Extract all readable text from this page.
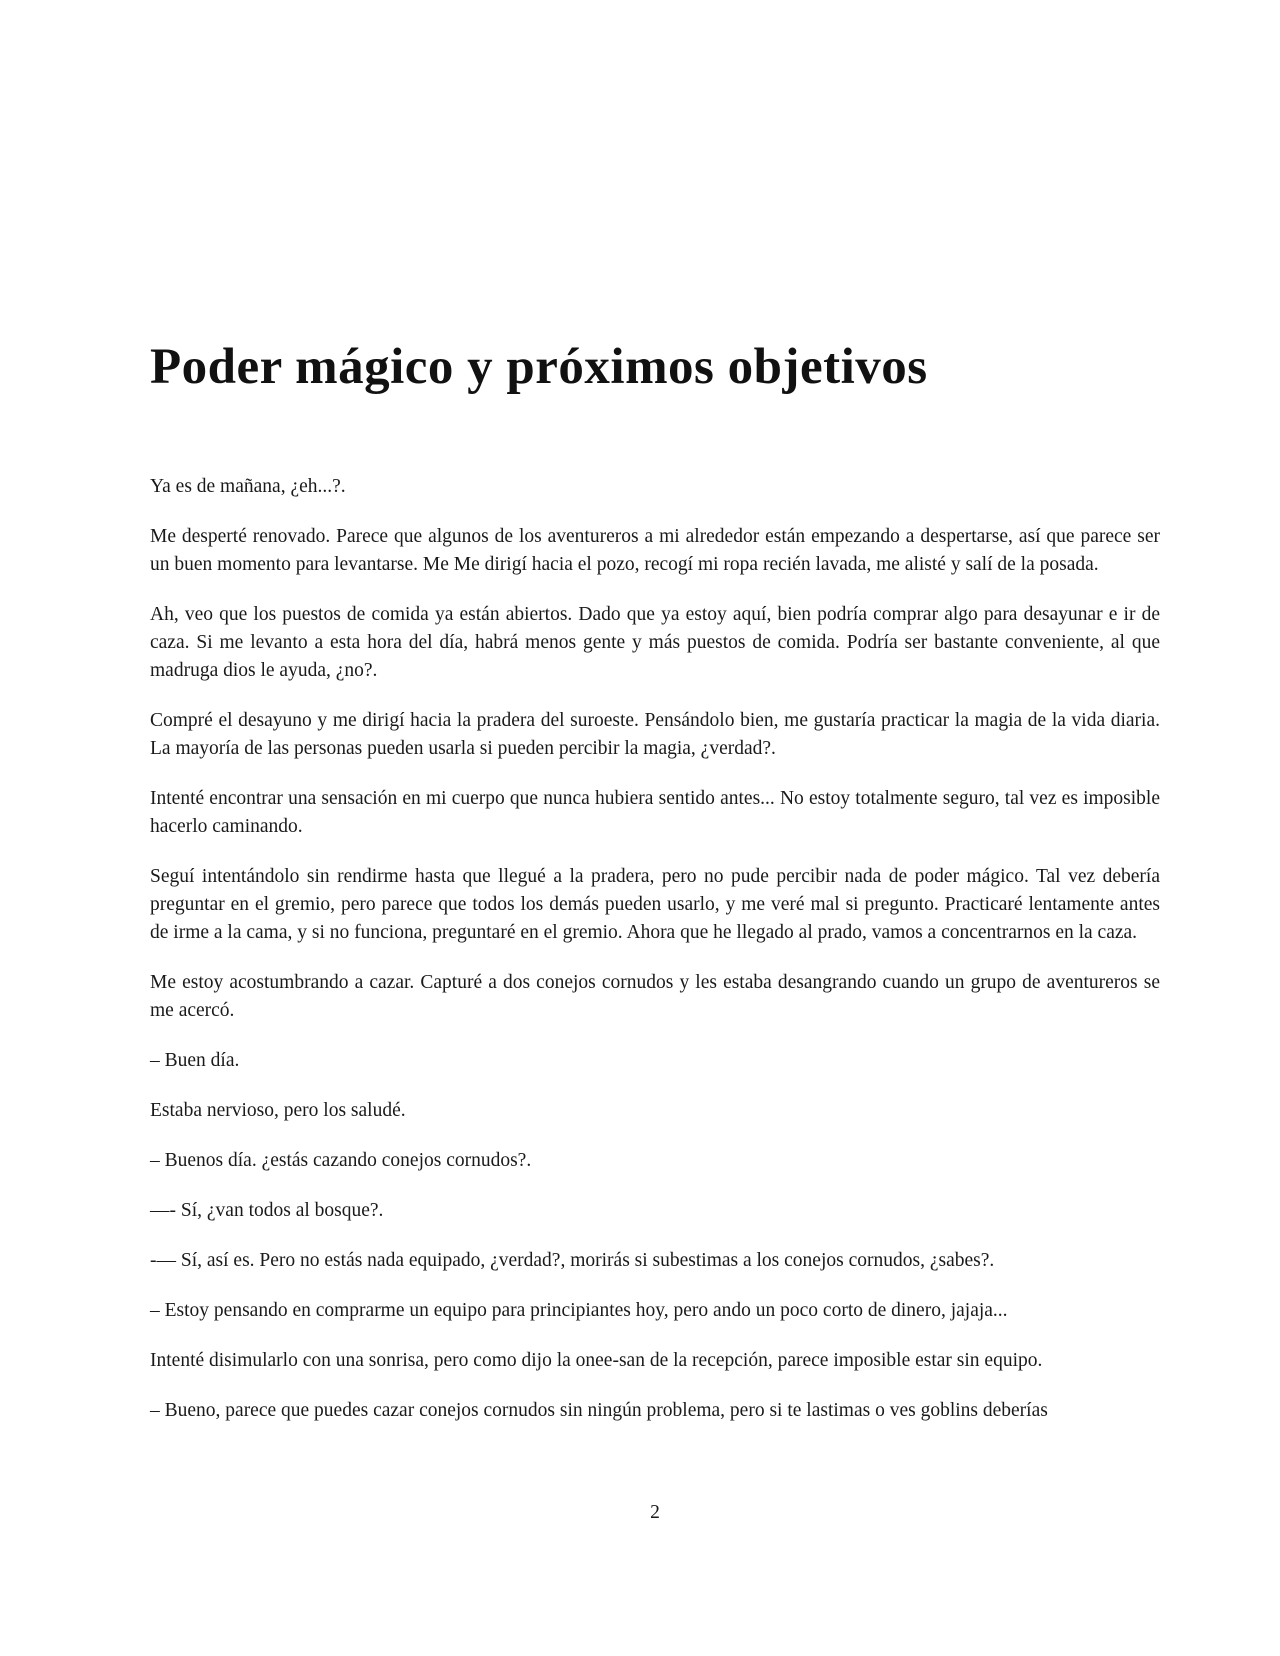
Poder mágico y próximos objetivos

Ya es de mañana, ¿eh...?.

Me desperté renovado. Parece que algunos de los aventureros a mi alrededor están empezando a despertarse, así que parece ser un buen momento para levantarse. Me Me dirigí hacia el pozo, recogí mi ropa recién lavada, me alisté y salí de la posada.

Ah, veo que los puestos de comida ya están abiertos. Dado que ya estoy aquí, bien podría comprar algo para desayunar e ir de caza. Si me levanto a esta hora del día, habrá menos gente y más puestos de comida. Podría ser bastante conveniente, al que madruga dios le ayuda, ¿no?.

Compré el desayuno y me dirigí hacia la pradera del suroeste. Pensándolo bien, me gustaría practicar la magia de la vida diaria. La mayoría de las personas pueden usarla si pueden percibir la magia, ¿verdad?.

Intenté encontrar una sensación en mi cuerpo que nunca hubiera sentido antes... No estoy totalmente seguro, tal vez es imposible hacerlo caminando.

Seguí intentándolo sin rendirme hasta que llegué a la pradera, pero no pude percibir nada de poder mágico. Tal vez debería preguntar en el gremio, pero parece que todos los demás pueden usarlo, y me veré mal si pregunto. Practicaré lentamente antes de irme a la cama, y si no funciona, preguntaré en el gremio. Ahora que he llegado al prado, vamos a concentrarnos en la caza.

Me estoy acostumbrando a cazar. Capturé a dos conejos cornudos y les estaba desangrando cuando un grupo de aventureros se me acercó.

– Buen día.

Estaba nervioso, pero los saludé.

– Buenos día. ¿estás cazando conejos cornudos?.

—- Sí, ¿van todos al bosque?.

-— Sí, así es. Pero no estás nada equipado, ¿verdad?, morirás si subestimas a los conejos cornudos, ¿sabes?.

– Estoy pensando en comprarme un equipo para principiantes hoy, pero ando un poco corto de dinero, jajaja...

Intenté disimularlo con una sonrisa, pero como dijo la onee-san de la recepción, parece imposible estar sin equipo.

– Bueno, parece que puedes cazar conejos cornudos sin ningún problema, pero si te lastimas o ves goblins deberías

2
